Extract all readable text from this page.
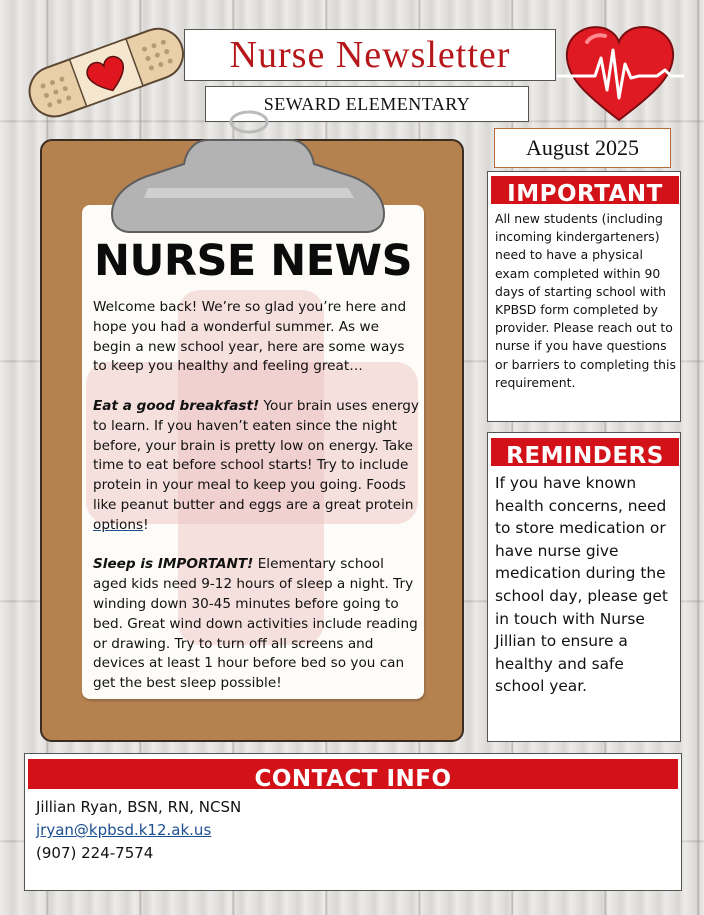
Nurse Newsletter
SEWARD ELEMENTARY
August 2025
NURSE NEWS

Welcome back! We’re so glad you’re here and hope you had a wonderful summer. As we begin a new school year, here are some ways to keep you healthy and feeling great…

Eat a good breakfast! Your brain uses energy to learn. If you haven’t eaten since the night before, your brain is pretty low on energy. Take time to eat before school starts! Try to include protein in your meal to keep you going. Foods like peanut butter and eggs are a great protein options!

Sleep is IMPORTANT! Elementary school aged kids need 9-12 hours of sleep a night. Try winding down 30-45 minutes before going to bed. Great wind down activities include reading or drawing. Try to turn off all screens and devices at least 1 hour before bed so you can get the best sleep possible!

IMPORTANT
All new students (including incoming kindergarteners) need to have a physical exam completed within 90 days of starting school with KPBSD form completed by provider. Please reach out to nurse if you have questions or barriers to completing this requirement.
REMINDERS
If you have known health concerns, need to store medication or have nurse give medication during the school day, please get in touch with Nurse Jillian to ensure a healthy and safe school year.
CONTACT INFO
Jillian Ryan, BSN, RN, NCSN
jryan@kpbsd.k12.ak.us
(907) 224-7574
